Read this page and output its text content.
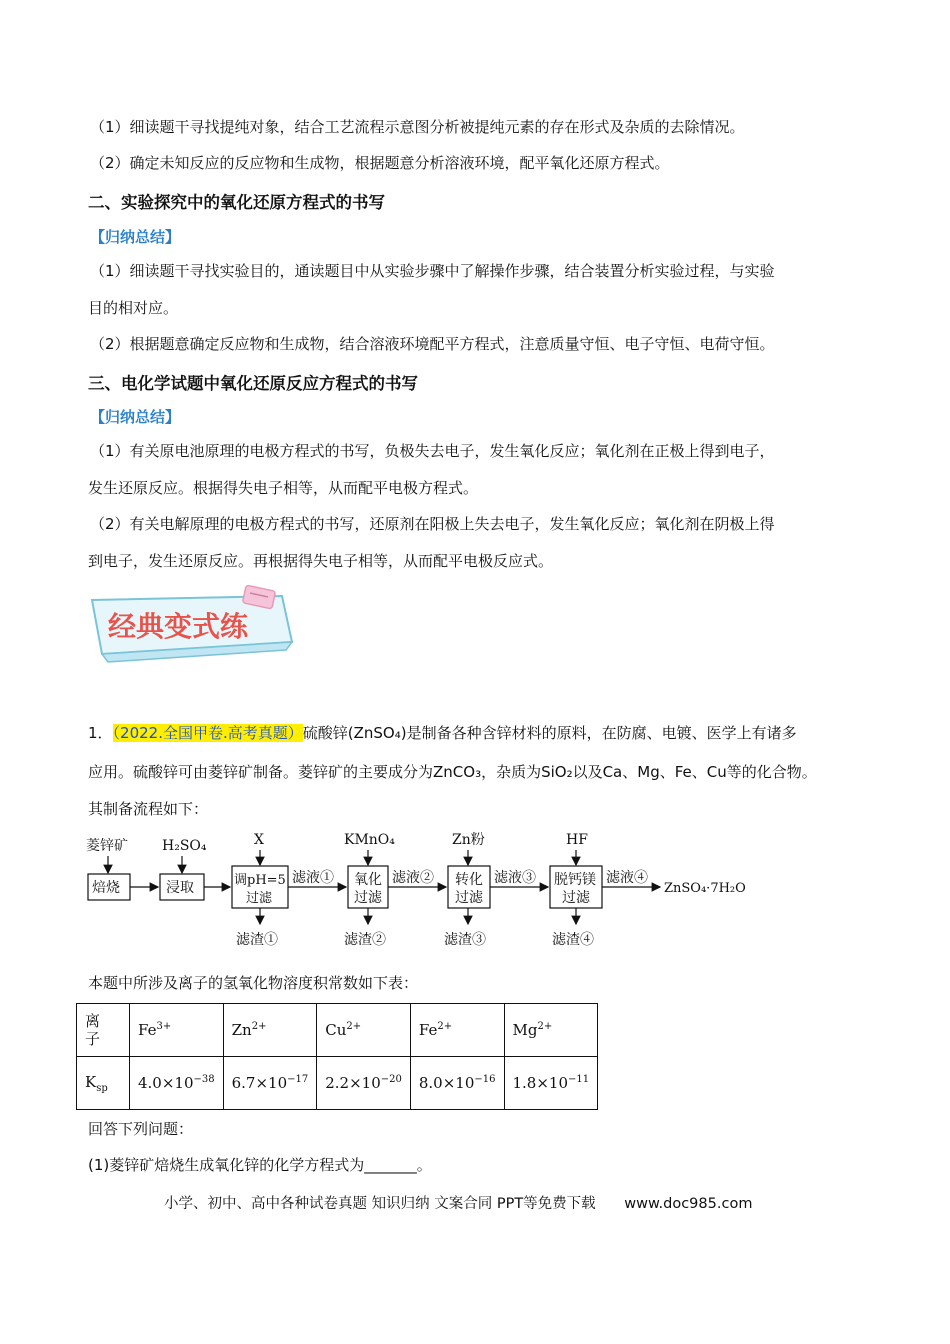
（1）细读题干寻找提纯对象，结合工艺流程示意图分析被提纯元素的存在形式及杂质的去除情况。
（2）确定未知反应的反应物和生成物，根据题意分析溶液环境，配平氧化还原方程式。
二、实验探究中的氧化还原方程式的书写
【归纳总结】
（1）细读题干寻找实验目的，通读题目中从实验步骤中了解操作步骤，结合装置分析实验过程，与实验
目的相对应。
（2）根据题意确定反应物和生成物，结合溶液环境配平方程式，注意质量守恒、电子守恒、电荷守恒。
三、电化学试题中氧化还原反应方程式的书写
【归纳总结】
（1）有关原电池原理的电极方程式的书写，负极失去电子，发生氧化反应；氧化剂在正极上得到电子，
发生还原反应。根据得失电子相等，从而配平电极方程式。
（2）有关电解原理的电极方程式的书写，还原剂在阳极上失去电子，发生氧化反应；氧化剂在阴极上得
到电子，发生还原反应。再根据得失电子相等，从而配平电极反应式。
经典变式练
1．（2022.全国甲卷.高考真题）硫酸锌(ZnSO₄)是制备各种含锌材料的原料，在防腐、电镀、医学上有诸多
应用。硫酸锌可由菱锌矿制备。菱锌矿的主要成分为ZnCO₃，杂质为SiO₂以及Ca、Mg、Fe、Cu等的化合物。
其制备流程如下：
菱锌矿 H₂SO₄	X	KMnO₄	Zn粉	HF
焙烧	浸取	调pH=5
过滤
氧化
过滤
转化
过滤
脱钙镁
过滤
滤液①	滤液②	滤液③	滤液④
ZnSO₄·7H₂O
滤渣①	滤渣②	滤渣③	滤渣④
本题中所涉及离子的氢氧化物溶度积常数如下表：
离子	$Fe^{3+}$	$Zn^{2+}$	$Cu^{2+}$	$Fe^{2+}$	$Mg^{2+}$
$K_{sp}$	$4.0\times 10^{-38}$	$6.7\times 10^{-17}$	$2.2\times 10^{-20}$	$8.0\times 10^{-16}$	$1.8\times 10^{-11}$
回答下列问题：
(1)菱锌矿焙烧生成氧化锌的化学方程式为_______。
小学、初中、高中各种试卷真题 知识归纳 文案合同 PPT等免费下载 www.doc985.com
